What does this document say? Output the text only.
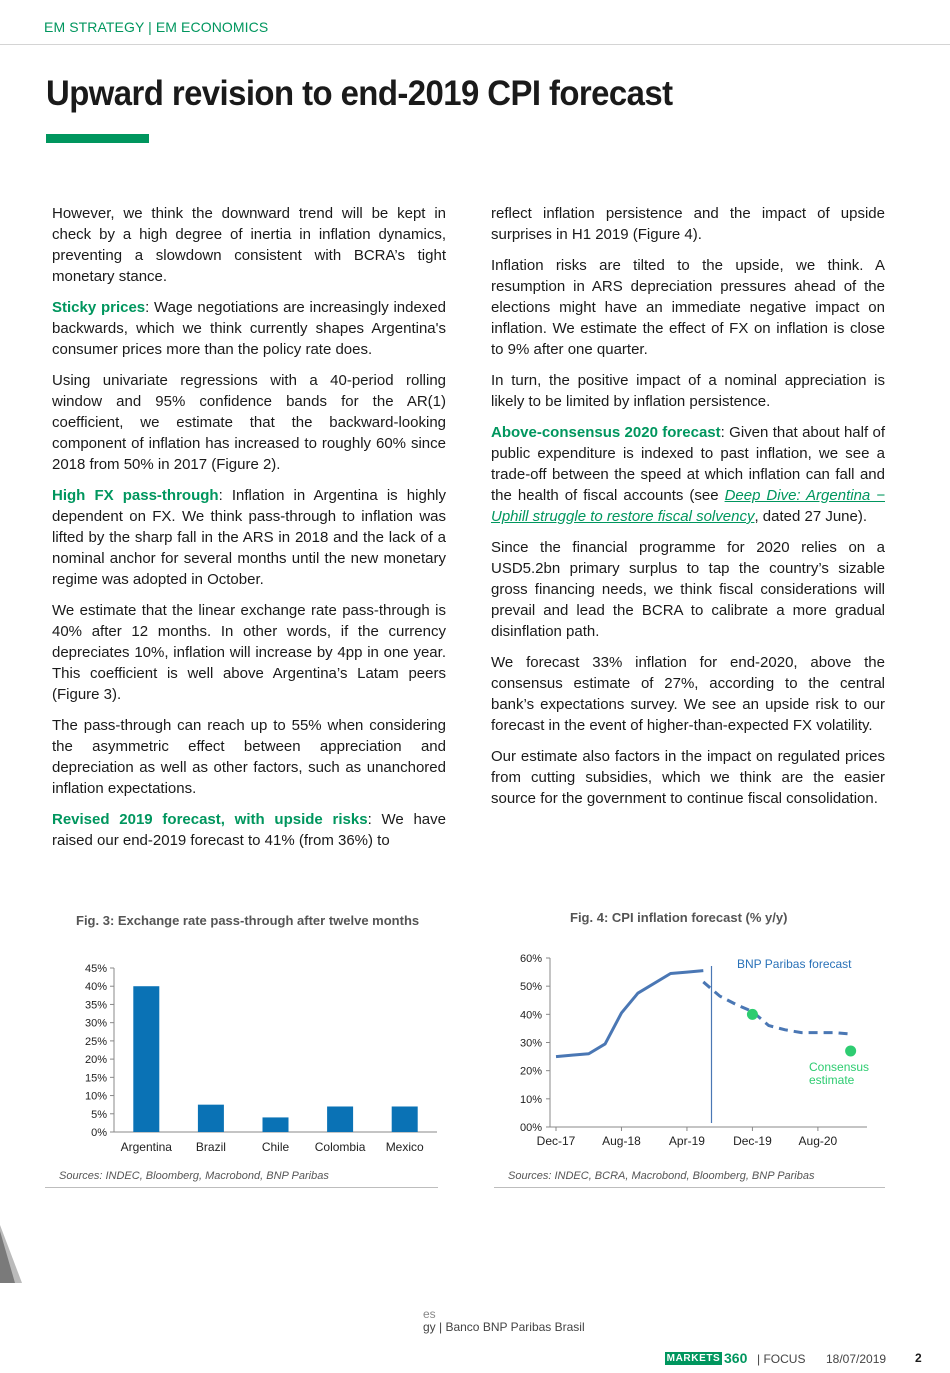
EM STRATEGY | EM ECONOMICS
Upward revision to end-2019 CPI forecast

However, we think the downward trend will be kept in check by a high degree of inertia in inflation dynamics, preventing a slowdown consistent with BCRA’s tight monetary stance.

Sticky prices: Wage negotiations are increasingly indexed backwards, which we think currently shapes Argentina's consumer prices more than the policy rate does.

Using univariate regressions with a 40-period rolling window and 95% confidence bands for the AR(1) coefficient, we estimate that the backward-looking component of inflation has increased to roughly 60% since 2018 from 50% in 2017 (Figure 2).

High FX pass-through: Inflation in Argentina is highly dependent on FX. We think pass-through to inflation was lifted by the sharp fall in the ARS in 2018 and the lack of a nominal anchor for several months until the new monetary regime was adopted in October.

We estimate that the linear exchange rate pass-through is 40% after 12 months. In other words, if the currency depreciates 10%, inflation will increase by 4pp in one year. This coefficient is well above Argentina’s Latam peers (Figure 3).

The pass-through can reach up to 55% when considering the asymmetric effect between appreciation and depreciation as well as other factors, such as unanchored inflation expectations.

Revised 2019 forecast, with upside risks: We have raised our end-2019 forecast to 41% (from 36%) to

reflect inflation persistence and the impact of upside surprises in H1 2019 (Figure 4).

Inflation risks are tilted to the upside, we think. A resumption in ARS depreciation pressures ahead of the elections might have an immediate negative impact on inflation. We estimate the effect of FX on inflation is close to 9% after one quarter.

In turn, the positive impact of a nominal appreciation is likely to be limited by inflation persistence.

Above-consensus 2020 forecast: Given that about half of public expenditure is indexed to past inflation, we see a trade-off between the speed at which inflation can fall and the health of fiscal accounts (see Deep Dive: Argentina − Uphill struggle to restore fiscal solvency, dated 27 June).

Since the financial programme for 2020 relies on a USD5.2bn primary surplus to tap the country’s sizable gross financing needs, we think fiscal considerations will prevail and lead the BCRA to calibrate a more gradual disinflation path.

We forecast 33% inflation for end-2020, above the consensus estimate of 27%, according to the central bank’s expectations survey. We see an upside risk to our forecast in the event of higher-than-expected FX volatility.

Our estimate also factors in the impact on regulated prices from cutting subsidies, which we think are the easier source for the government to continue fiscal consolidation.

Fig. 3: Exchange rate pass-through after twelve months
0%
5%
10%
15%
20%
25%
30%
35%
40%
45%
Argentina Brazil	Chile Colombia Mexico
Sources: INDEC, Bloomberg, Macrobond, BNP Paribas
Fig. 4: CPI inflation forecast (% y/y)
00%
10%
20%
30%
40%
50%
60%
Dec-17 Aug-18 Apr-19 Dec-19 Aug-20
BNP Paribas forecast
Consensus
estimate
Sources: INDEC, BCRA, Macrobond, Bloomberg, BNP Paribas
es
gy | Banco BNP Paribas Brasil
MARKETS 360 | FOCUS 18/07/2019 2
